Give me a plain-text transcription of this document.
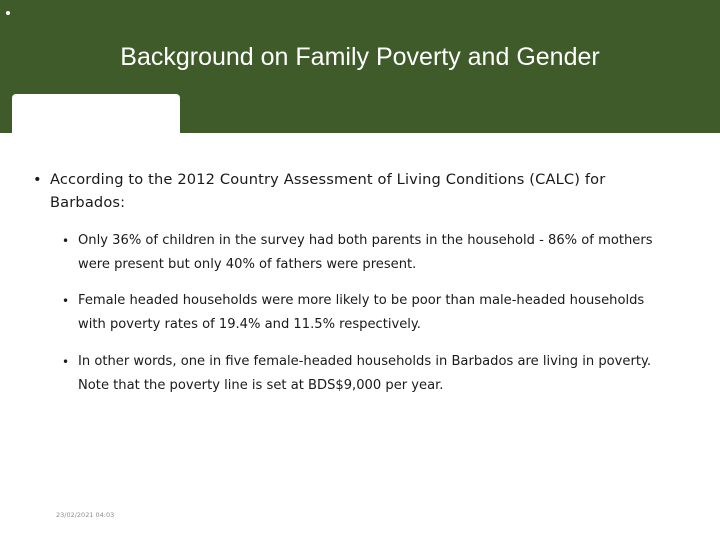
Background on Family Poverty and Gender
• According to the 2012 Country Assessment of Living Conditions (CALC) for Barbados:
• Only 36% of children in the survey had both parents in the household - 86% of mothers were present but only 40% of fathers were present.
• Female headed households were more likely to be poor than male-headed households with poverty rates of 19.4% and 11.5% respectively.
• In other words, one in five female-headed households in Barbados are living in poverty. Note that the poverty line is set at BDS$9,000 per year.
23/02/2021 04:03
